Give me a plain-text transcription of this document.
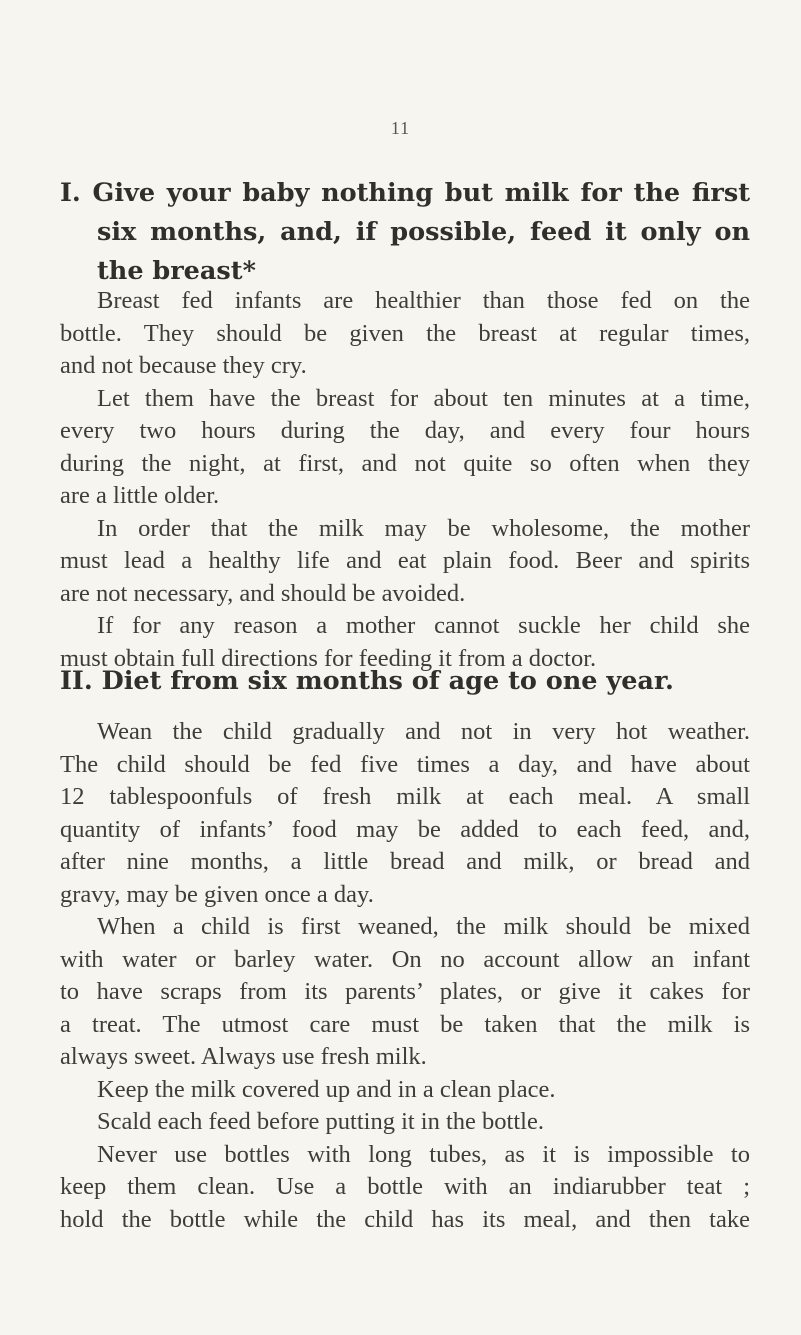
11
I. Give your baby nothing but milk for the first
six months, and, if possible, feed it only on
the breast*
Breast fed infants are healthier than those fed on the
bottle. They should be given the breast at regular times,
and not because they cry.
Let them have the breast for about ten minutes at a time,
every two hours during the day, and every four hours
during the night, at first, and not quite so often when they
are a little older.
In order that the milk may be wholesome, the mother
must lead a healthy life and eat plain food. Beer and spirits
are not necessary, and should be avoided.
If for any reason a mother cannot suckle her child she
must obtain full directions for feeding it from a doctor.
II. Diet from six months of age to one year.
Wean the child gradually and not in very hot weather.
The child should be fed five times a day, and have about
12 tablespoonfuls of fresh milk at each meal. A small
quantity of infants’ food may be added to each feed, and,
after nine months, a little bread and milk, or bread and
gravy, may be given once a day.
When a child is first weaned, the milk should be mixed
with water or barley water. On no account allow an infant
to have scraps from its parents’ plates, or give it cakes for
a treat. The utmost care must be taken that the milk is
always sweet. Always use fresh milk.
Keep the milk covered up and in a clean place.
Scald each feed before putting it in the bottle.
Never use bottles with long tubes, as it is impossible to
keep them clean. Use a bottle with an indiarubber teat ;
hold the bottle while the child has its meal, and then take
